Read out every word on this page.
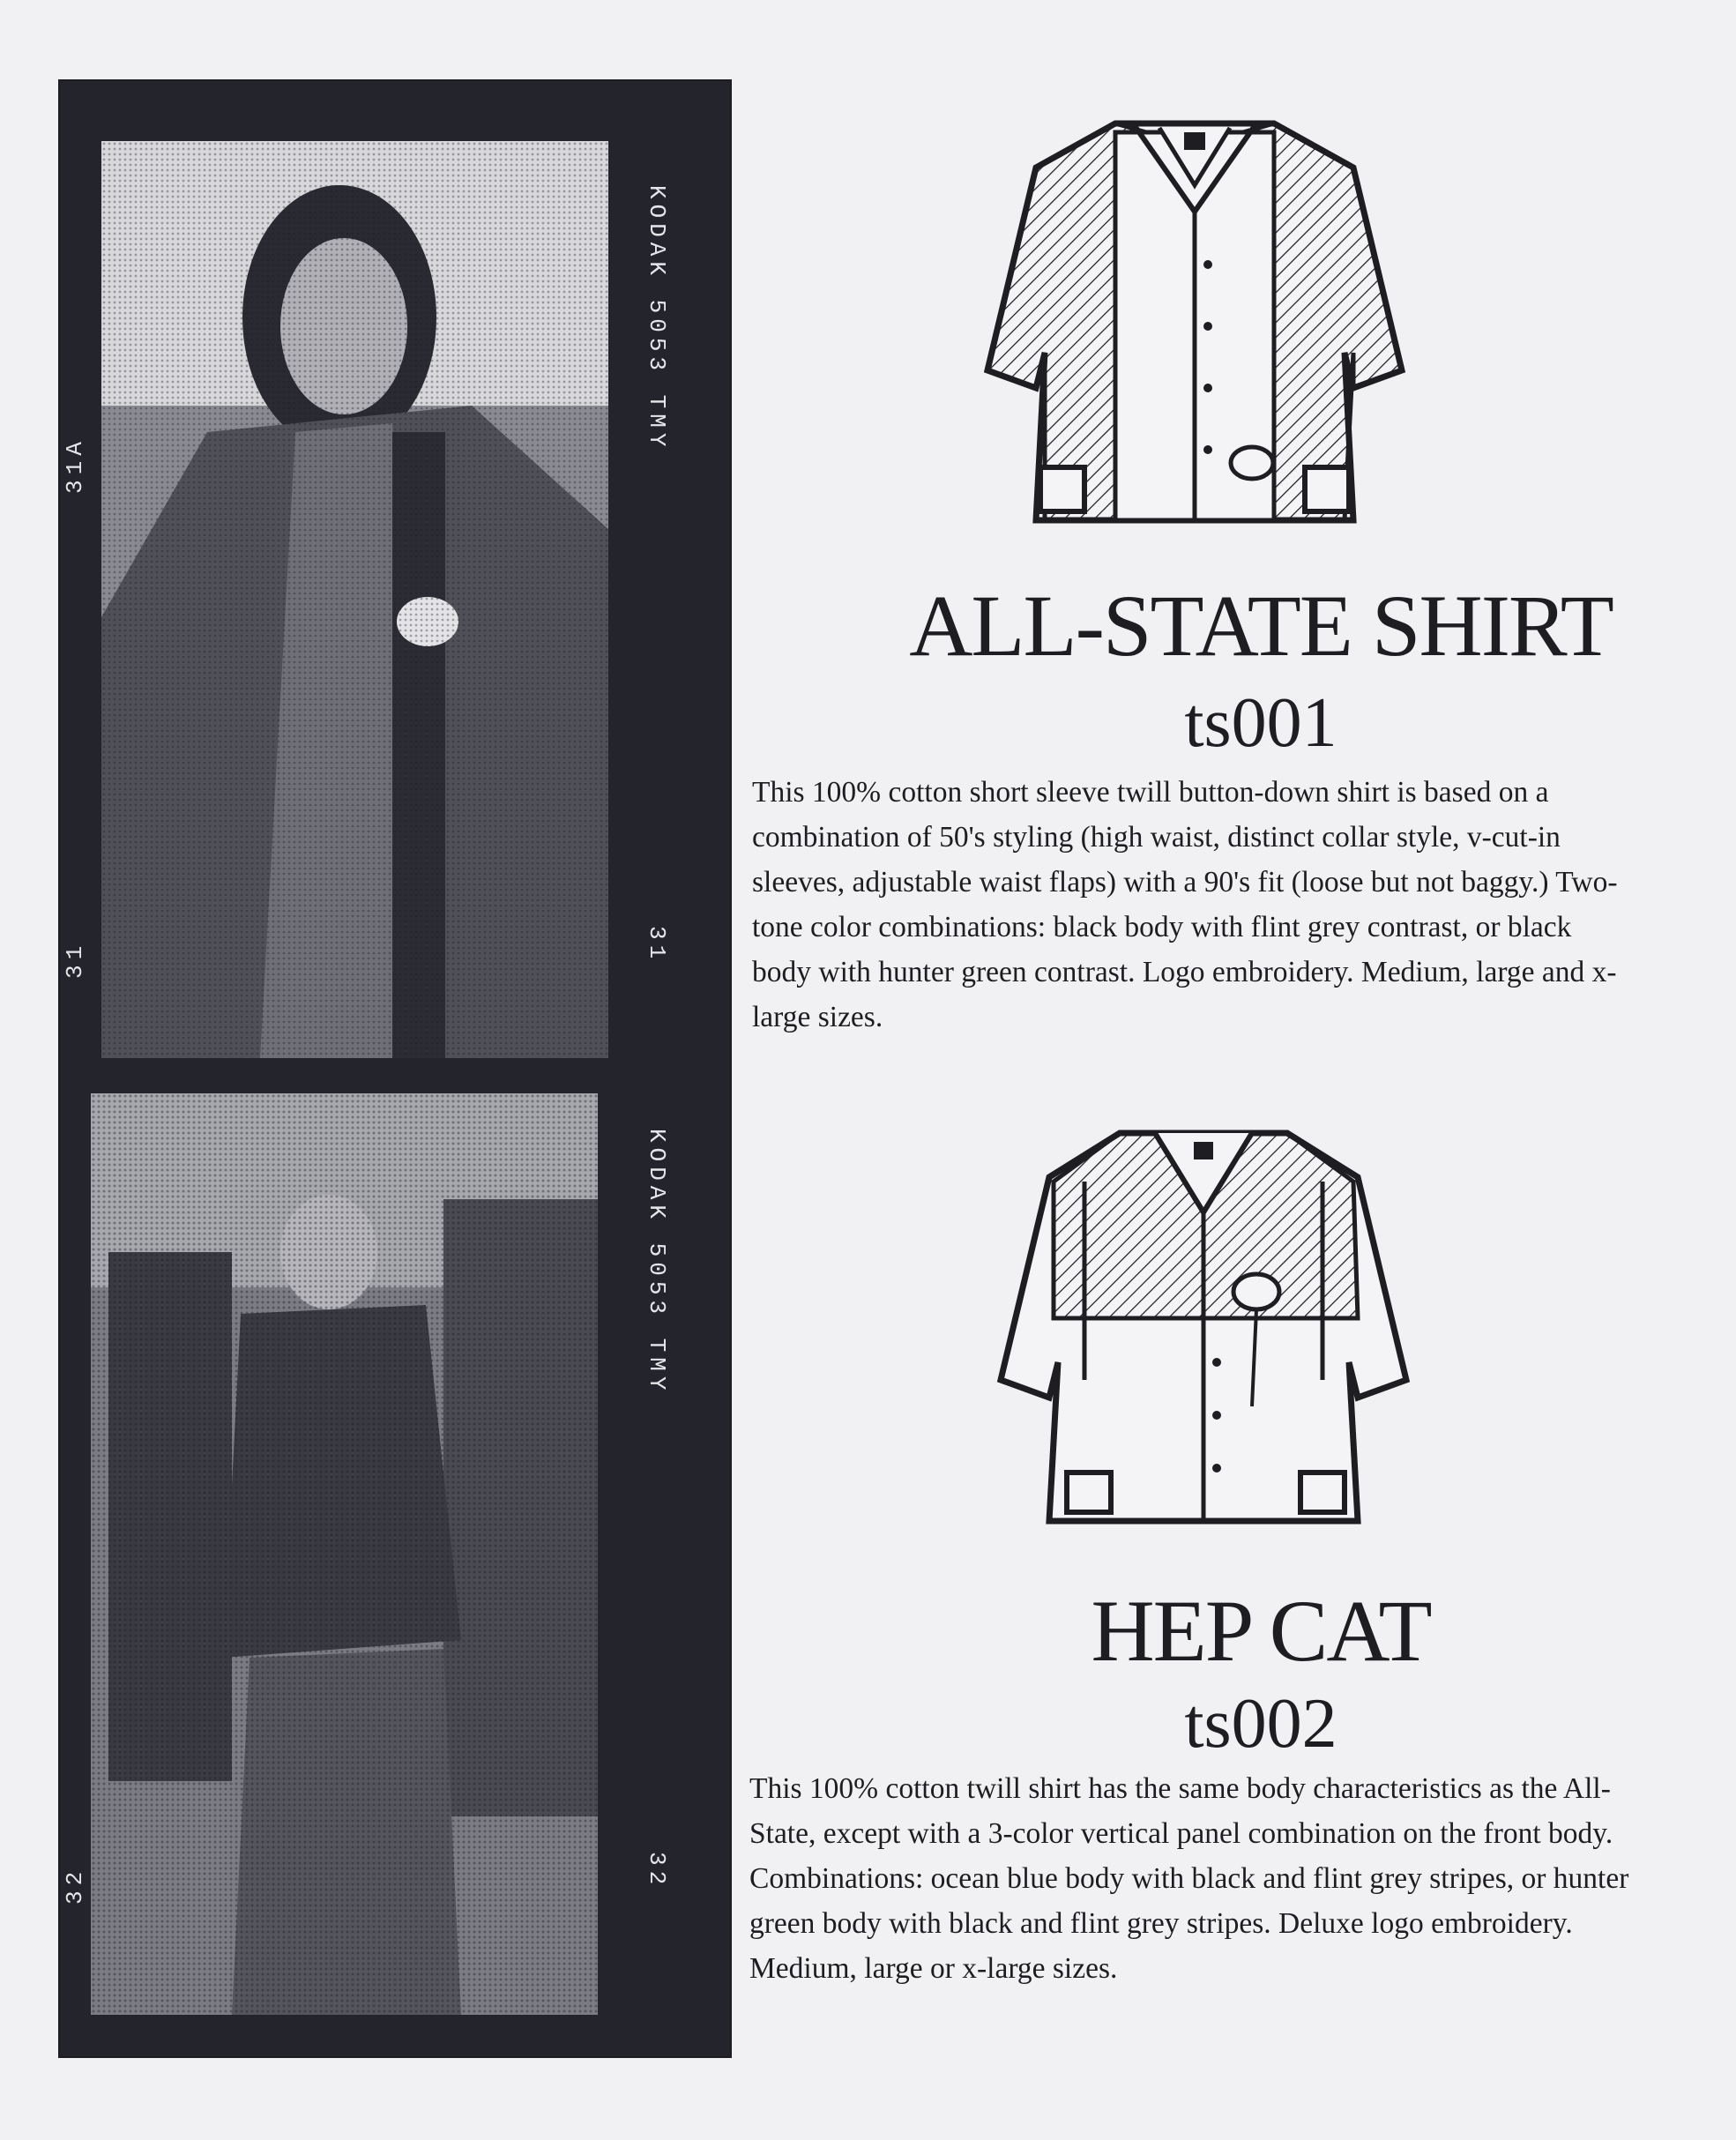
KODAK 5053 TMY
KODAK 5053 TMY
31
32
31
32
31A
ALL-STATE SHIRT
ts001

This 100% cotton short sleeve twill button-down shirt is based on a combination of 50's styling (high waist, distinct collar style, v-cut-in sleeves, adjustable waist flaps) with a 90's fit (loose but not baggy.) Two-tone color combinations: black body with flint grey contrast, or black body with hunter green contrast. Logo embroidery. Medium, large and x-large sizes.

HEP CAT
ts002

This 100% cotton twill shirt has the same body characteristics as the All-State, except with a 3-color vertical panel combination on the front body. Combinations: ocean blue body with black and flint grey stripes, or hunter green body with black and flint grey stripes. Deluxe logo embroidery. Medium, large or x-large sizes.
